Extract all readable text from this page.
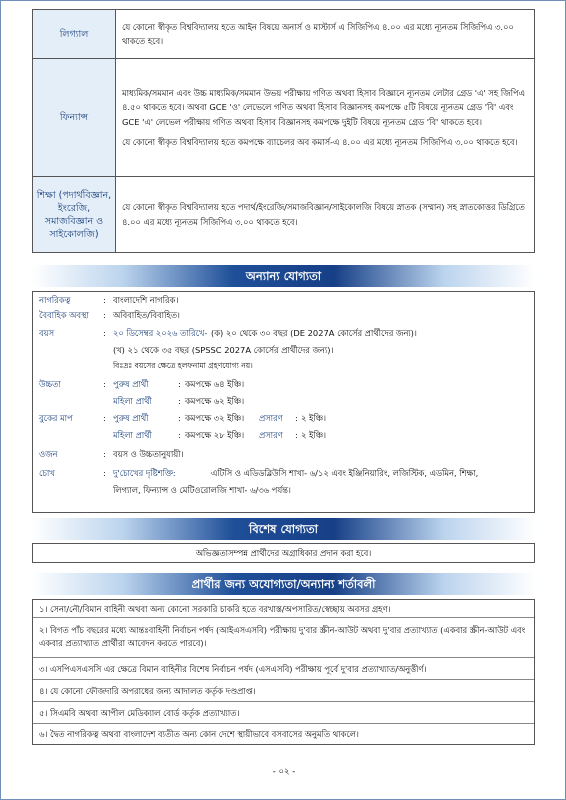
লিগ্যাল	যে কোনো স্বীকৃত বিশ্ববিদ্যালয় হতে আইন বিষয়ে অনার্স ও মাস্টার্স এ সিজিপিএ ৪.০০ এর মধ্যে ন্যূনতম সিজিপিএ ৩.০০ থাকতে হবে।

ফিন্যান্স	মাধ্যমিক/সমমান এবং উচ্চ মাধ্যমিক/সমমান উভয় পরীক্ষায় গণিত অথবা হিসাব বিজ্ঞানে ন্যূনতম লেটার গ্রেড 'এ' সহ জিপিএ ৪.৫০ থাকতে হবে। অথবা GCE 'ও' লেভেলে গণিত অথবা হিসাব বিজ্ঞানসহ কমপক্ষে ৫টি বিষয়ে ন্যূনতম গ্রেড 'বি' এবং GCE 'এ' লেভেল পরীক্ষায় গণিত অথবা হিসাব বিজ্ঞানসহ কমপক্ষে দুইটি বিষয়ে ন্যূনতম গ্রেড 'বি' থাকতে হবে।

যে কোনো স্বীকৃত বিশ্ববিদ্যালয় হতে কমপক্ষে ব্যাচেলর অব কমার্স-এ ৪.০০ এর মধ্যে ন্যূনতম সিজিপিএ ৩.০০ থাকতে হবে।

শিক্ষা (পদার্থবিজ্ঞান, ইংরেজি, সমাজবিজ্ঞান ও সাইকোলজি)	যে কোনো স্বীকৃত বিশ্ববিদ্যালয় হতে পদার্থ/ইংরেজি/সমাজবিজ্ঞান/সাইকোলজি বিষয়ে স্নাতক (সম্মান) সহ স্নাতকোত্তর ডিগ্রিতে ৪.০০ এর মধ্যে ন্যূনতম সিজিপিএ ৩.০০ থাকতে হবে।

অন্যান্য যোগ্যতা
নাগরিকত্ব	: বাংলাদেশি নাগরিক।
বৈবাহিক অবস্থা : অবিবাহিত/বিবাহিত।
বয়স	: ২০ ডিসেম্বর ২০২৬ তারিখে- (ক) ২০ থেকে ৩০ বছর (DE 2027A কোর্সের প্রার্থীদের জন্য)।
(খ) ২১ থেকে ৩৫ বছর (SPSSC 2027A কোর্সের প্রার্থীদের জন্য)।
বিঃদ্রঃ বয়সের ক্ষেত্রে হলফনামা গ্রহণযোগ্য নয়।
উচ্চতা	: পুরুষ প্রার্থী	: কমপক্ষে ৬৪ ইঞ্চি।
মহিলা প্রার্থী	: কমপক্ষে ৬২ ইঞ্চি।
বুকের মাপ	: পুরুষ প্রার্থী	: কমপক্ষে ৩২ ইঞ্চি। প্রসারণ : ২ ইঞ্চি।
মহিলা প্রার্থী	: কমপক্ষে ২৮ ইঞ্চি। প্রসারণ : ২ ইঞ্চি।
ওজন	: বয়স ও উচ্চতানুযায়ী।
চোখ	: দু'চোখের দৃষ্টিশক্তি:	এটিসি ও এডিডব্লিউসি শাখা- ৬/১২ এবং ইঞ্জিনিয়ারিং, লজিস্টিক, এডমিন, শিক্ষা,
লিগ্যাল, ফিন্যান্স ও মেটিওরোলজি শাখা- ৬/৩৬ পর্যন্ত।
বিশেষ যোগ্যতা
অভিজ্ঞতাসম্পন্ন প্রার্থীদের অগ্রাধিকার প্রদান করা হবে।
প্রার্থীর জন্য অযোগ্যতা/অন্যান্য শর্তাবলী
১। সেনা/নৌ/বিমান বাহিনী অথবা অন্য কোনো সরকারি চাকরি হতে বরখাস্ত/অপসারিত/স্বেচ্ছায় অবসর গ্রহণ।
২। বিগত পাঁচ বছরের মধ্যে আন্তঃবাহিনী নির্বাচন পর্ষদ (আইএসএসবি) পরীক্ষায় দু'বার স্ক্রীন-আউট অথবা দু'বার প্রত্যাখ্যাত (একবার স্ক্রীন-আউট এবং একবার প্রত্যাখ্যাত প্রার্থীরা আবেদন করতে পারবে)।
৩। এসপিএসএসসি এর ক্ষেত্রে বিমান বাহিনীর বিশেষ নির্বাচন পর্ষদ (এসএসবি) পরীক্ষায় পূর্বে দু'বার প্রত্যাখ্যাত/অনুত্তীর্ণ।
৪। যে কোনো ফৌজদারি অপরাধের জন্য আদালত কর্তৃক দণ্ডপ্রাপ্ত।
৫। সিএমবি অথবা আপীল মেডিক্যাল বোর্ড কর্তৃক প্রত্যাখ্যাত।
৬। দ্বৈত নাগরিকত্ব অথবা বাংলাদেশ ব্যতীত অন্য কোন দেশে স্থায়ীভাবে বসবাসের অনুমতি থাকলে।
- ০২ -
